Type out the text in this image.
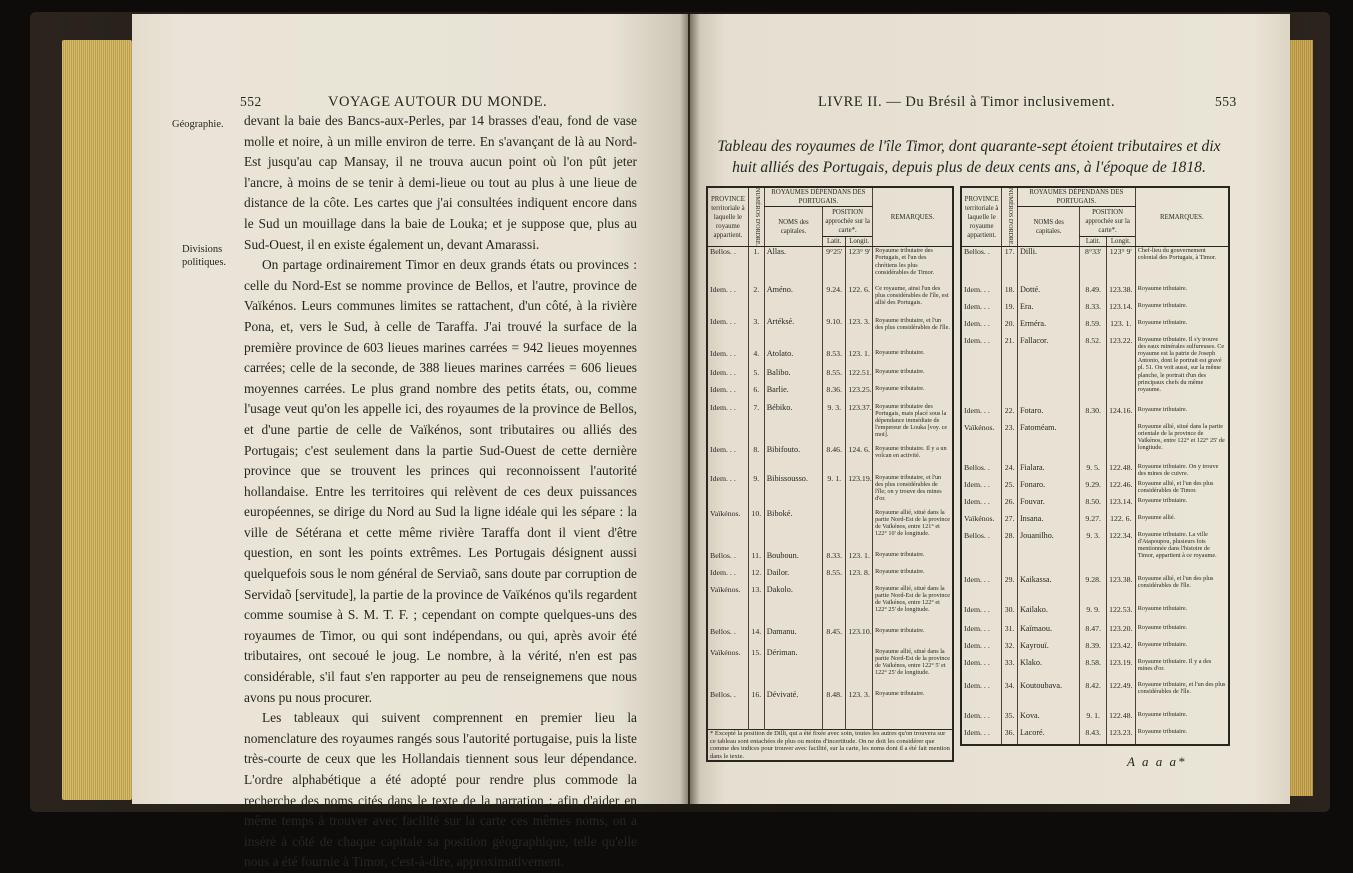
552	VOYAGE AUTOUR DU MONDE.
Géographie.
Divisions politiques.

devant la baie des Bancs-aux-Perles, par 14 brasses d'eau, fond de vase molle et noire, à un mille environ de terre. En s'avançant de là au Nord-Est jusqu'au cap Mansay, il ne trouva aucun point où l'on pût jeter l'ancre, à moins de se tenir à demi-lieue ou tout au plus à une lieue de distance de la côte. Les cartes que j'ai consultées indiquent encore dans le Sud un mouillage dans la baie de Louka; et je suppose que, plus au Sud-Ouest, il en existe également un, devant Amarassi.

On partage ordinairement Timor en deux grands états ou provinces : celle du Nord-Est se nomme province de Bellos, et l'autre, province de Vaïkénos. Leurs communes limites se rattachent, d'un côté, à la rivière Pona, et, vers le Sud, à celle de Taraffa. J'ai trouvé la surface de la première province de 603 lieues marines carrées = 942 lieues moyennes carrées; celle de la seconde, de 388 lieues marines carrées = 606 lieues moyennes carrées. Le plus grand nombre des petits états, ou, comme l'usage veut qu'on les appelle ici, des royaumes de la province de Bellos, et d'une partie de celle de Vaïkénos, sont tributaires ou alliés des Portugais; c'est seulement dans la partie Sud-Ouest de cette dernière province que se trouvent les princes qui reconnoissent l'autorité hollandaise. Entre les territoires qui relèvent de ces deux puissances européennes, se dirige du Nord au Sud la ligne idéale qui les sépare : la ville de Sétérana et cette même rivière Taraffa dont il vient d'être question, en sont les points extrêmes. Les Portugais désignent aussi quelquefois sous le nom général de Serviaõ, sans doute par corruption de Servidaõ [servitude], la partie de la province de Vaïkénos qu'ils regardent comme soumise à S. M. T. F. ; cependant on compte quelques-uns des royaumes de Timor, ou qui sont indépendans, ou qui, après avoir été tributaires, ont secoué le joug. Le nombre, à la vérité, n'en est pas considérable, s'il faut s'en rapporter au peu de renseignemens que nous avons pu nous procurer.

Les tableaux qui suivent comprennent en premier lieu la nomenclature des royaumes rangés sous l'autorité portugaise, puis la liste très-courte de ceux que les Hollandais tiennent sous leur dépendance. L'ordre alphabétique a été adopté pour rendre plus commode la recherche des noms cités dans le texte de la narration : afin d'aider en même temps à trouver avec facilité sur la carte ces mêmes noms, on a inséré à côté de chaque capitale sa position géographique, telle qu'elle nous a été fournie à Timor, c'est-à-dire, approximativement.

LIVRE II. — Du Brésil à Timor inclusivement.	553
Tableau des royaumes de l'île Timor, dont quarante-sept étoient tributaires et dix huit alliés des Portugais, depuis plus de deux cents ans, à l'époque de 1818.
PROVINCE territoriale à laquelle le royaume appartient.	NUMÉROS D'ORDRE.	ROYAUMES DÉPENDANS DES PORTUGAIS.			REMARQUES.
		NOMS des capitales.	POSITION approchée sur la carte*.		
			Latit.	Longit.	
Bellos. .	1.	Allas.	9°25'	123° 9'	Royaume tributaire des Portugais, et l'un des chrétiens les plus considérables de Timor.
Idem. . .	2.	Améno.	9.24.	122. 6.	Ce royaume, ainsi l'un des plus considérables de l'île, est allié des Portugais.
Idem. . .	3.	Artéksé.	9.10.	123. 3.	Royaume tributaire, et l'un des plus considérables de l'île.
Idem. . .	4.	Atolato.	8.53.	123. 1.	Royaume tributaire.
Idem. . .	5.	Balibo.	8.55.	122.51.	Royaume tributaire.
Idem. . .	6.	Barlie.	8.36.	123.25.	Royaume tributaire.
Idem. . .	7.	Bébiko.	9. 3.	123.37.	Royaume tributaire des Portugais, mais placé sous la dépendance immédiate de l'empereur de Louka [voy. ce mot].
Idem. . .	8.	Bibifouto.	8.46.	124. 6.	Royaume tributaire. Il y a un volcan en activité.
Idem. . .	9.	Bibissousso.	9. 1.	123.19.	Royaume tributaire, et l'un des plus considérables de l'île; on y trouve des mines d'or.
Vaïkénos.	10.	Biboké.			Royaume allié, situé dans la partie Nord-Est de la province de Vaïkénos, entre 121° et 122° 10' de longitude.
Bellos. .	11.	Bouboun.	8.33.	123. 1.	Royaume tributaire.
Idem. . .	12.	Dailor.	8.55.	123. 8.	Royaume tributaire.
Vaïkénos.	13.	Dakolo.			Royaume allié, situé dans la partie Nord-Est de la province de Vaïkénos, entre 122° et 122° 25' de longitude.
Bellos. .	14.	Damanu.	8.45.	123.10.	Royaume tributaire.
Vaïkénos.	15.	Dériman.			Royaume allié, situé dans la partie Nord-Est de la province de Vaïkénos, entre 122° 5' et 122° 25' de longitude.
Bellos. .	16.	Dévivaté.	8.48.	123. 3.	Royaume tributaire.
* Excepté la position de Dilli, qui a été fixée avec soin, toutes les autres qu'on trouvera sur ce tableau sont entachées de plus ou moins d'incertitude. On ne doit les considérer que comme des indices pour trouver avec facilité, sur la carte, les noms dont il a été fait mention dans le texte.					
PROVINCE territoriale à laquelle le royaume appartient.	NUMÉROS D'ORDRE.	ROYAUMES DÉPENDANS DES PORTUGAIS.			REMARQUES.
		NOMS des capitales.	POSITION approchée sur la carte*.		
			Latit.	Longit.	
Bellos. .	17.	Dilli.	8°33'	123° 9'	Chef-lieu du gouvernement colonial des Portugais, à Timor.
Idem. . .	18.	Dotté.	8.49.	123.38.	Royaume tributaire.
Idem. . .	19.	Era.	8.33.	123.14.	Royaume tributaire.
Idem. . .	20.	Erméra.	8.59.	123. 1.	Royaume tributaire.
Idem. . .	21.	Fallacor.	8.52.	123.22.	Royaume tributaire. Il s'y trouve des eaux minérales sulfureuses. Ce royaume est la patrie de Joseph Antonio, dont le portrait est gravé pl. 51. On voit aussi, sur la même planche, le portrait d'un des principaux chefs du même royaume.
Idem. . .	22.	Fotaro.	8.30.	124.16.	Royaume tributaire.
Vaïkénos.	23.	Fatoméam.			Royaume allié, situé dans la partie orientale de la province de Vaïkénos, entre 122° et 122° 25' de longitude.
Bellos. .	24.	Fialara.	9. 5.	122.48.	Royaume tributaire. On y trouve des mines de cuivre.
Idem. . .	25.	Fonaro.	9.29.	122.46.	Royaume allié, et l'un des plus considérables de Timor.
Idem. . .	26.	Fouvar.	8.50.	123.14.	Royaume tributaire.
Vaïkénos.	27.	Insana.	9.27.	122. 6.	Royaume allié.
Bellos. .	28.	Jouanilho.	9. 3.	122.34.	Royaume tributaire. La ville d'Atapoupou, plusieurs fois mentionnée dans l'histoire de Timor, appartient à ce royaume.
Idem. . .	29.	Kaikassa.	9.28.	123.38.	Royaume allié, et l'un des plus considérables de l'île.
Idem. . .	30.	Kailako.	9. 9.	122.53.	Royaume tributaire.
Idem. . .	31.	Kaïmaou.	8.47.	123.20.	Royaume tributaire.
Idem. . .	32.	Kayrouï.	8.39.	123.42.	Royaume tributaire.
Idem. . .	33.	Klako.	8.58.	123.19.	Royaume tributaire. Il y a des mines d'or.
Idem. . .	34.	Koutoubava.	8.42.	122.49.	Royaume tributaire, et l'un des plus considérables de l'île.
Idem. . .	35.	Kova.	9. 1.	122.48.	Royaume tributaire.
Idem. . .	36.	Lacoré.	8.43.	123.23.	Royaume tributaire.
A a a a*
